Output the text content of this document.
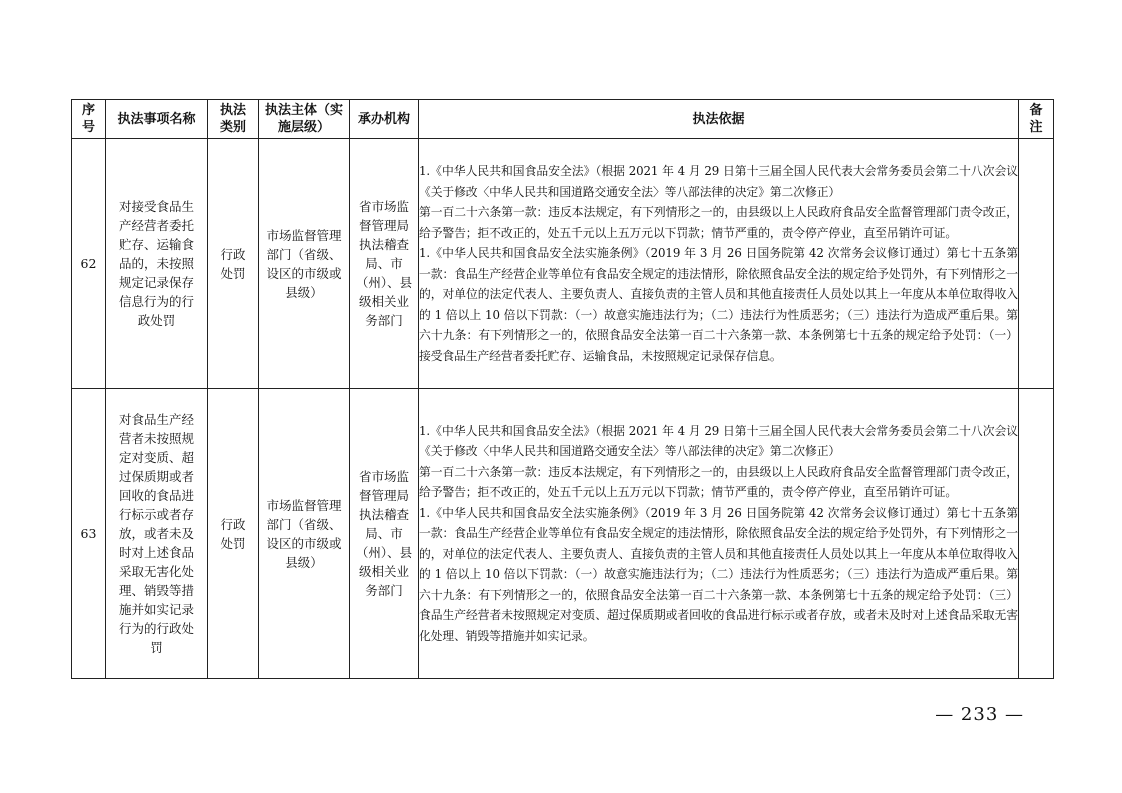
序号	执法事项名称	执法类别	执法主体（实施层级）	承办机构	执法依据	备注
62	对接受食品生产经营者委托贮存、运输食品的，未按照规定记录保存信息行为的行政处罚	行政处罚	市场监督管理部门（省级、设区的市级或县级）	省市场监督管理局执法稽查局、市（州）、县级相关业务部门	1.《中华人民共和国食品安全法》（根据 2021 年 4 月 29 日第十三届全国人民代表大会常务委员会第二十八次会议《关于修改〈中华人民共和国道路交通安全法〉等八部法律的决定》第二次修正）
第一百二十六条第一款：违反本法规定，有下列情形之一的，由县级以上人民政府食品安全监督管理部门责令改正，给予警告；拒不改正的，处五千元以上五万元以下罚款；情节严重的，责令停产停业，直至吊销许可证。
1.《中华人民共和国食品安全法实施条例》（2019 年 3 月 26 日国务院第 42 次常务会议修订通过）第七十五条第一款：食品生产经营企业等单位有食品安全规定的违法情形，除依照食品安全法的规定给予处罚外，有下列情形之一的，对单位的法定代表人、主要负责人、直接负责的主管人员和其他直接责任人员处以其上一年度从本单位取得收入的 1 倍以上 10 倍以下罚款：（一）故意实施违法行为；（二）违法行为性质恶劣；（三）违法行为造成严重后果。第六十九条：有下列情形之一的，依照食品安全法第一百二十六条第一款、本条例第七十五条的规定给予处罚：（一）接受食品生产经营者委托贮存、运输食品，未按照规定记录保存信息。	

63	对食品生产经营者未按照规定对变质、超过保质期或者回收的食品进行标示或者存放，或者未及时对上述食品采取无害化处理、销毁等措施并如实记录行为的行政处罚	行政处罚	市场监督管理部门（省级、设区的市级或县级）	省市场监督管理局执法稽查局、市（州）、县级相关业务部门	1.《中华人民共和国食品安全法》（根据 2021 年 4 月 29 日第十三届全国人民代表大会常务委员会第二十八次会议《关于修改〈中华人民共和国道路交通安全法〉等八部法律的决定》第二次修正）
第一百二十六条第一款：违反本法规定，有下列情形之一的，由县级以上人民政府食品安全监督管理部门责令改正，给予警告；拒不改正的，处五千元以上五万元以下罚款；情节严重的，责令停产停业，直至吊销许可证。
1.《中华人民共和国食品安全法实施条例》（2019 年 3 月 26 日国务院第 42 次常务会议修订通过）第七十五条第一款：食品生产经营企业等单位有食品安全规定的违法情形，除依照食品安全法的规定给予处罚外，有下列情形之一的，对单位的法定代表人、主要负责人、直接负责的主管人员和其他直接责任人员处以其上一年度从本单位取得收入的 1 倍以上 10 倍以下罚款：（一）故意实施违法行为；（二）违法行为性质恶劣；（三）违法行为造成严重后果。第六十九条：有下列情形之一的，依照食品安全法第一百二十六条第一款、本条例第七十五条的规定给予处罚：（三）食品生产经营者未按照规定对变质、超过保质期或者回收的食品进行标示或者存放，或者未及时对上述食品采取无害化处理、销毁等措施并如实记录。	

— 233 —
